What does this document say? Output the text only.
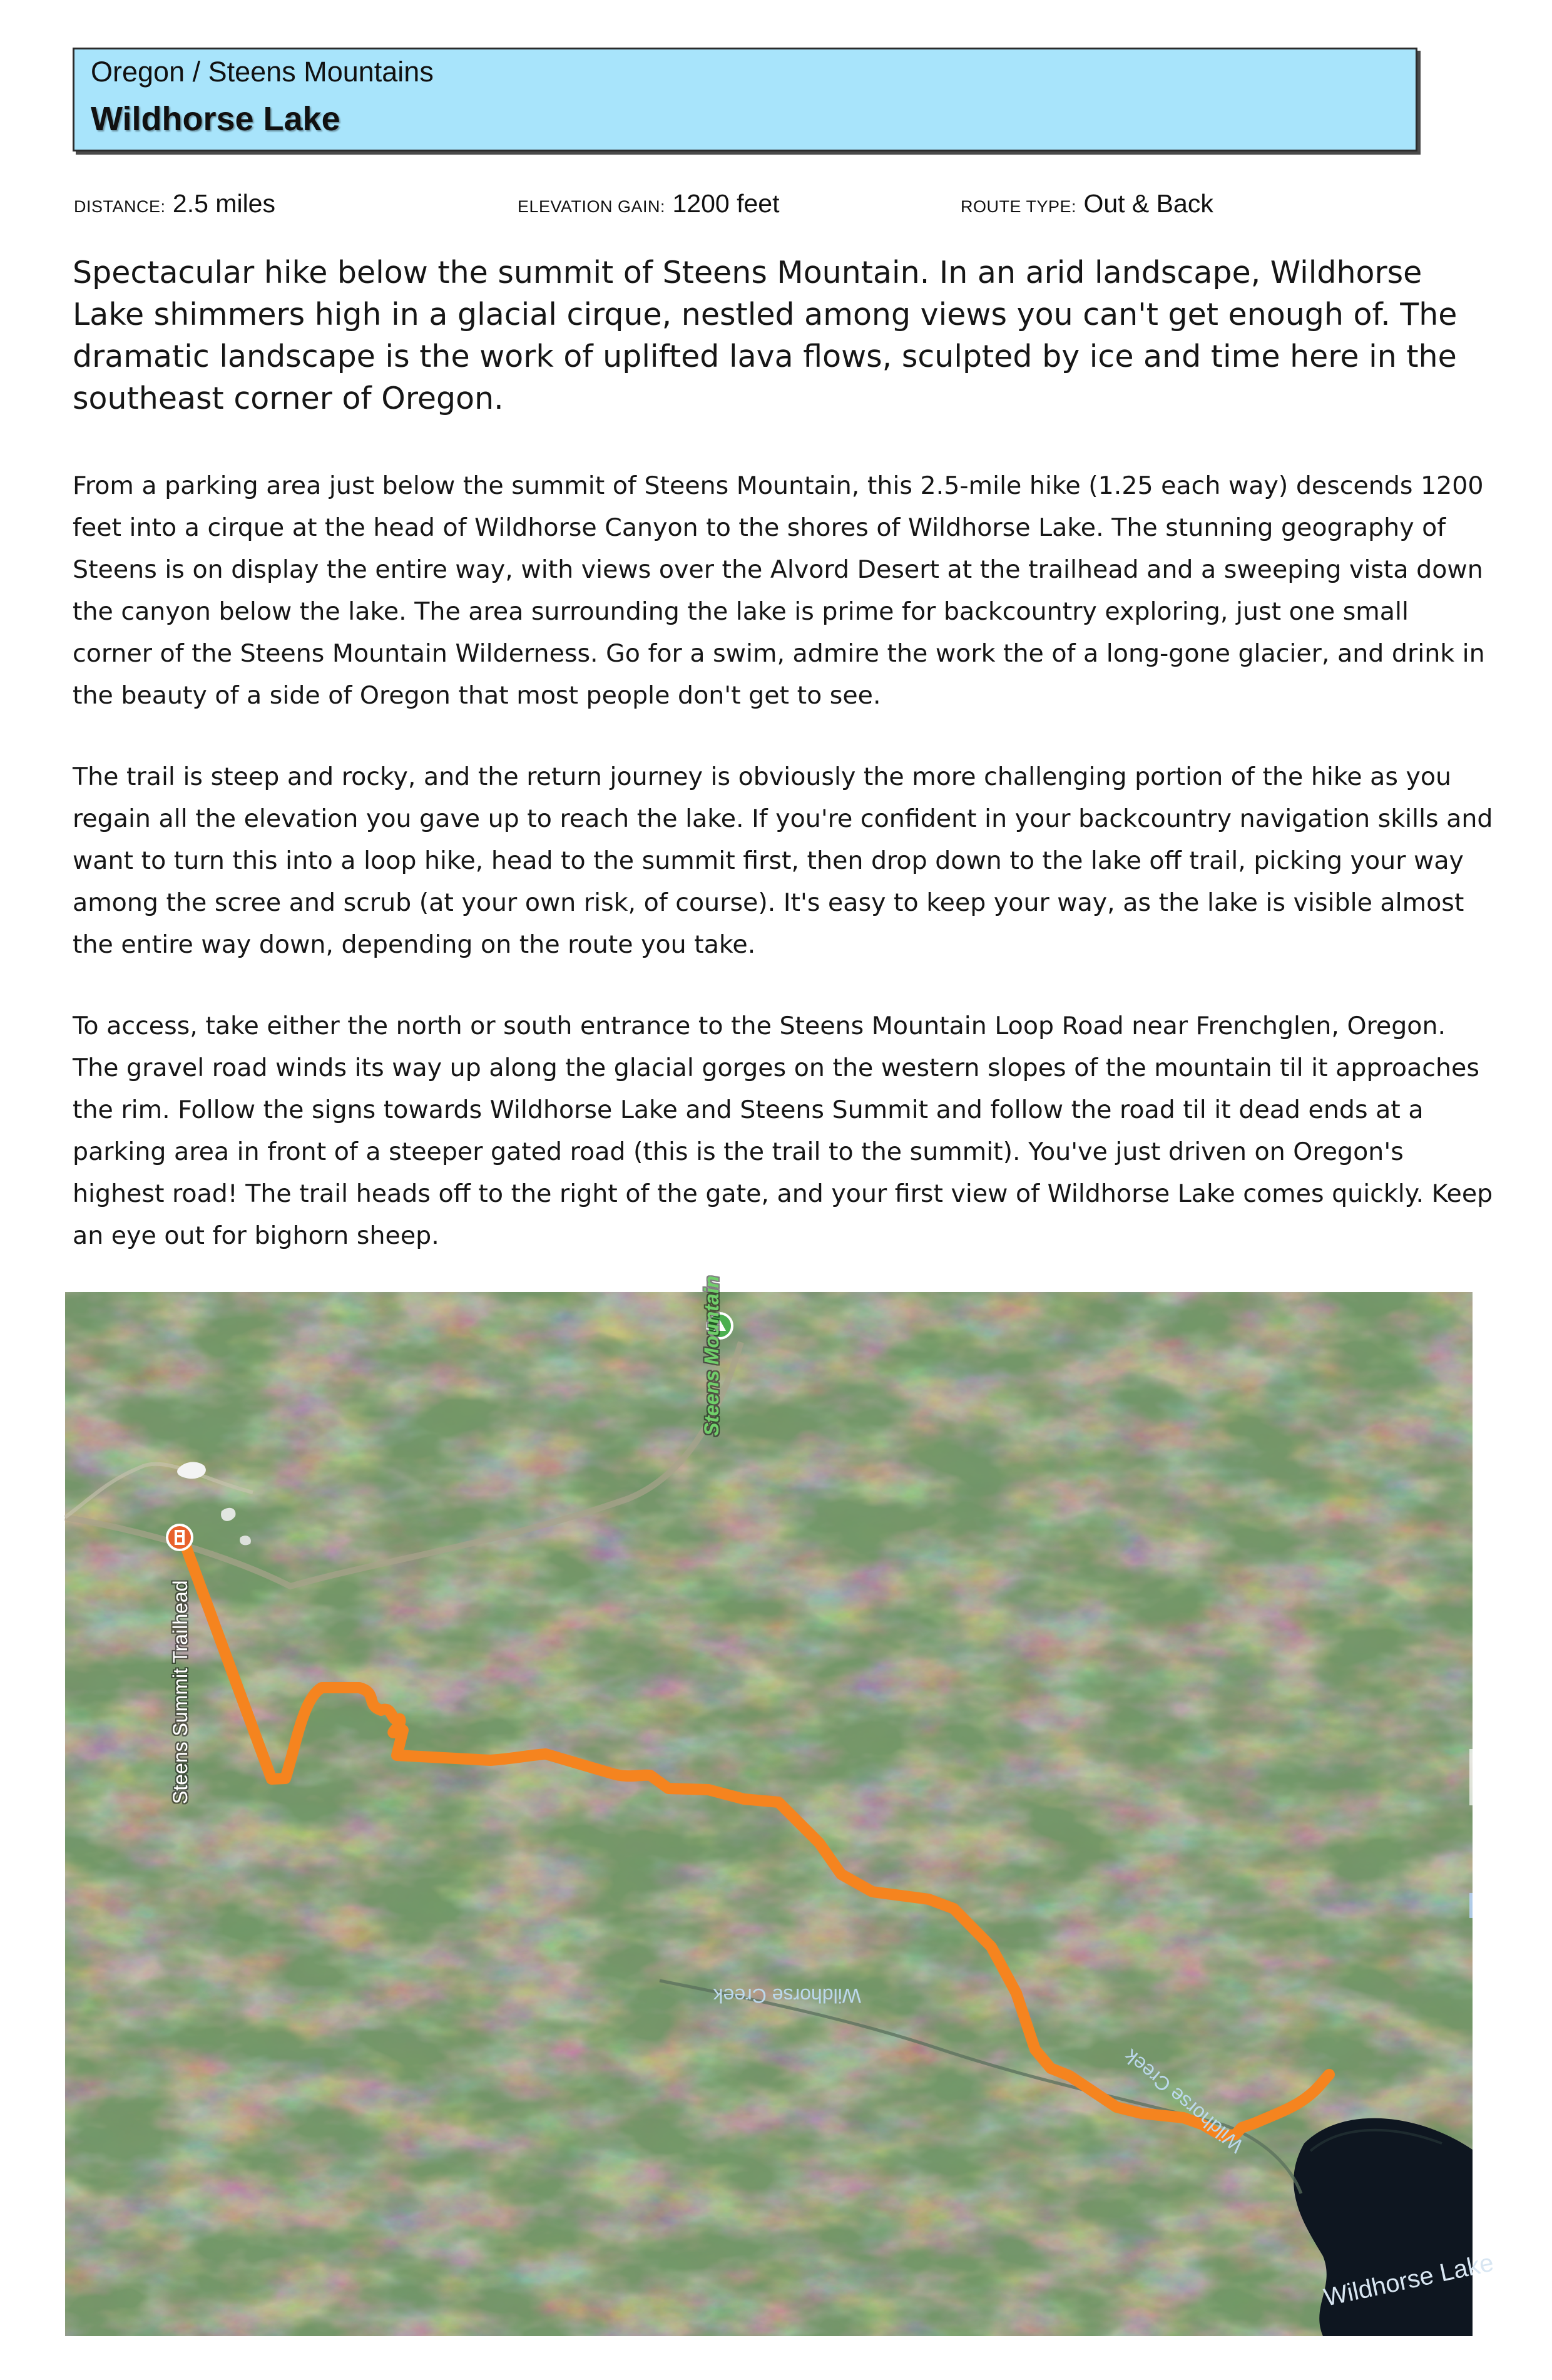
Oregon / Steens Mountains
Wildhorse Lake
DISTANCE: 2.5 miles	ELEVATION GAIN: 1200 feet	ROUTE TYPE: Out & Back
Spectacular hike below the summit of Steens Mountain. In an arid landscape, Wildhorse Lake shimmers high in a glacial cirque, nestled among views you can't get enough of. The dramatic landscape is the work of uplifted lava flows, sculpted by ice and time here in the southeast corner of Oregon.
From a parking area just below the summit of Steens Mountain, this 2.5-mile hike (1.25 each way) descends 1200 feet into a cirque at the head of Wildhorse Canyon to the shores of Wildhorse Lake. The stunning geography of Steens is on display the entire way, with views over the Alvord Desert at the trailhead and a sweeping vista down the canyon below the lake. The area surrounding the lake is prime for backcountry exploring, just one small corner of the Steens Mountain Wilderness. Go for a swim, admire the work the of a long-gone glacier, and drink in the beauty of a side of Oregon that most people don't get to see.
The trail is steep and rocky, and the return journey is obviously the more challenging portion of the hike as you regain all the elevation you gave up to reach the lake. If you're confident in your backcountry navigation skills and want to turn this into a loop hike, head to the summit first, then drop down to the lake off trail, picking your way among the scree and scrub (at your own risk, of course). It's easy to keep your way, as the lake is visible almost the entire way down, depending on the route you take.
To access, take either the north or south entrance to the Steens Mountain Loop Road near Frenchglen, Oregon. The gravel road winds its way up along the glacial gorges on the western slopes of the mountain til it approaches the rim. Follow the signs towards Wildhorse Lake and Steens Summit and follow the road til it dead ends at a parking area in front of a steeper gated road (this is the trail to the summit). You've just driven on Oregon's highest road! The trail heads off to the right of the gate, and your first view of Wildhorse Lake comes quickly. Keep an eye out for bighorn sheep.
Steens Mountain
Steens Summit Trailhead
Wildhorse Creek
Wildhorse Creek
Wildhorse Lake
